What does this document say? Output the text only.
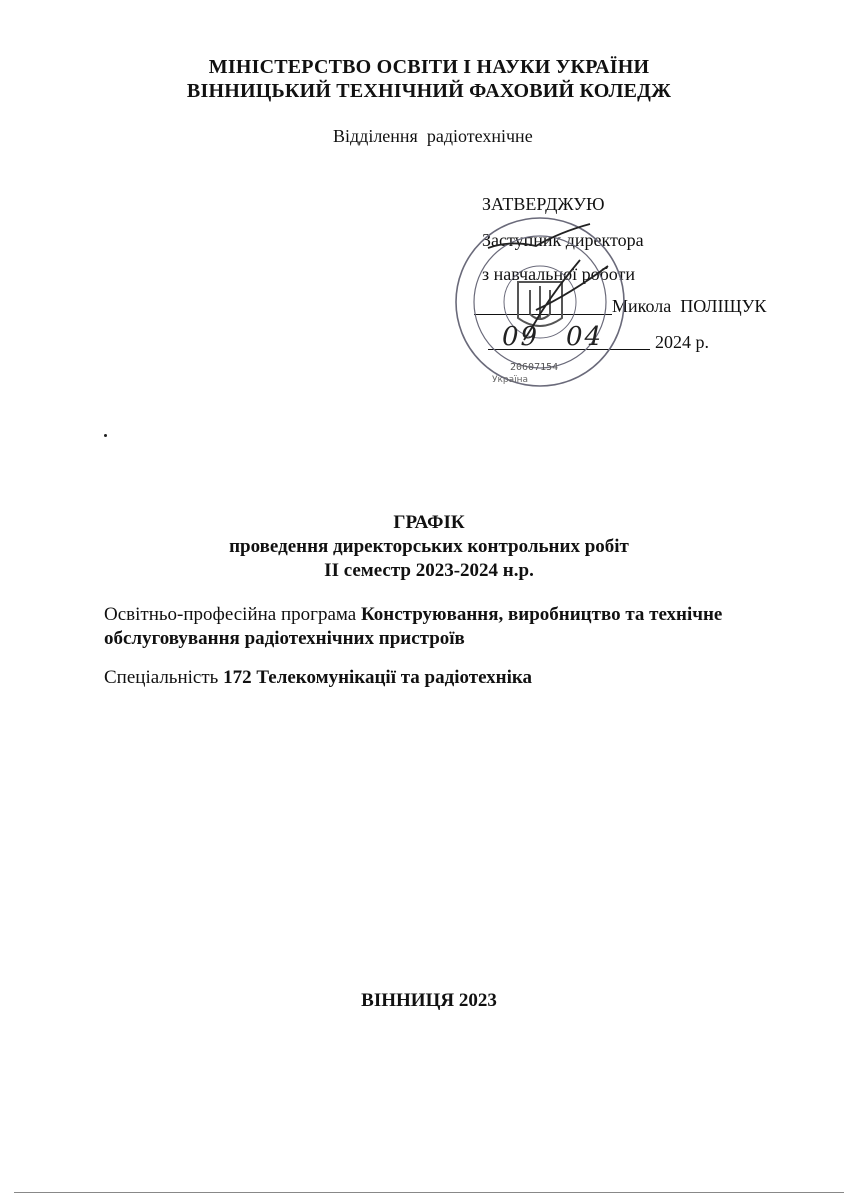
МІНІСТЕРСТВО ОСВІТИ І НАУКИ УКРАЇНИ
ВІННИЦЬКИЙ ТЕХНІЧНИЙ ФАХОВИЙ КОЛЕДЖ
Відділення  радіотехнічне
ЗАТВЕРДЖУЮ
Заступник директора
з навчальної роботи
Микола  ПОЛІЩУК
2024 р.
20607154
Україна
09 04
ГРАФІК
проведення директорських контрольних робіт
ІІ семестр 2023-2024 н.р.
Освітньо-професійна програма Конструювання, виробництво та технічне
обслуговування радіотехнічних пристроїв
Спеціальність 172 Телекомунікації та радіотехніка
ВІННИЦЯ 2023
